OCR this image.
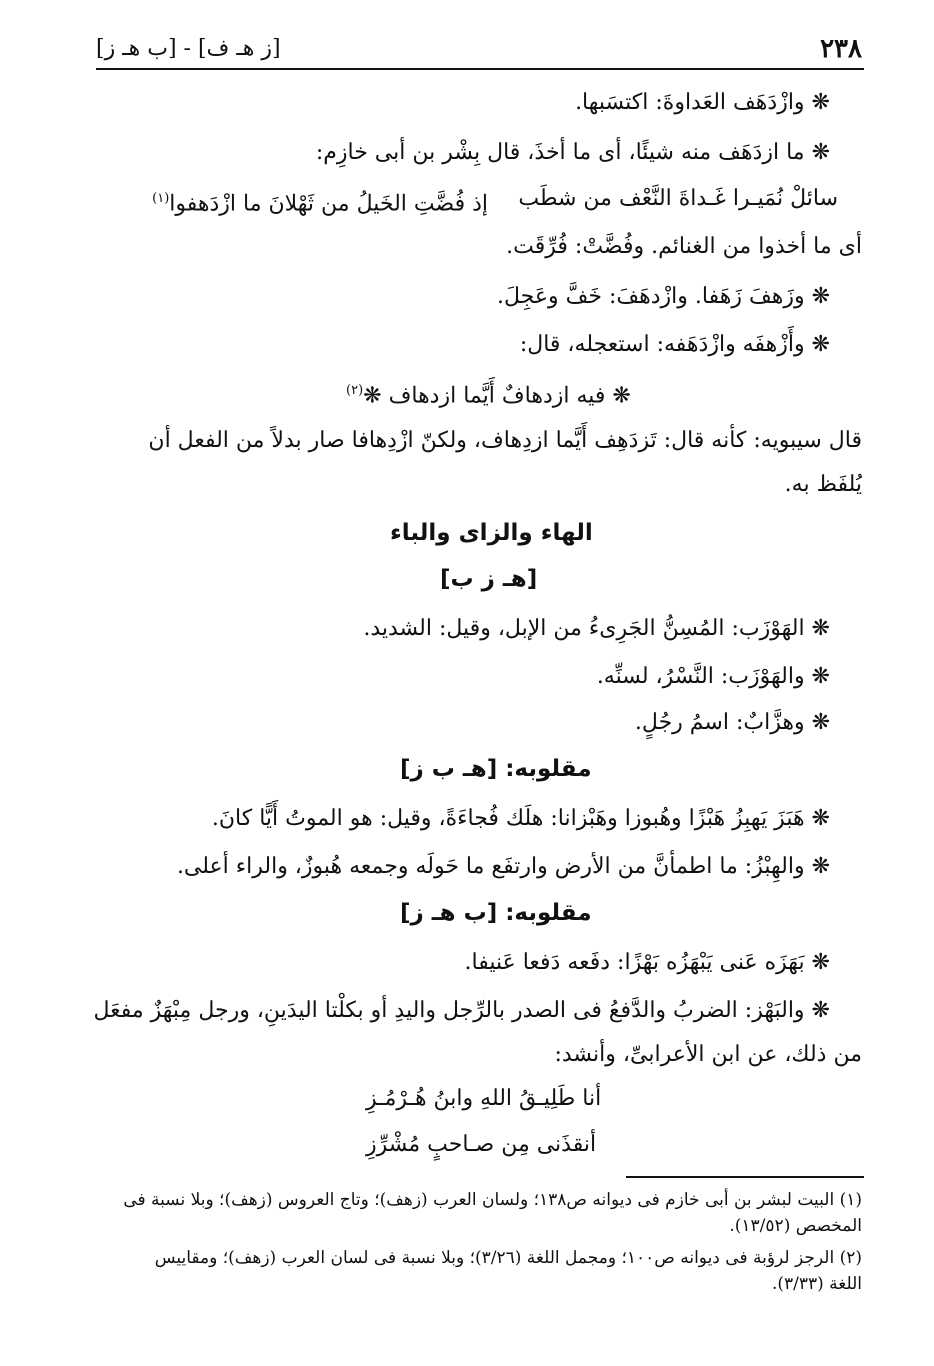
٢٣٨
[ز هـ ف] - [ب هـ ز]
❋ وازْدَهَف العَداوةَ: اكتسَبها.
❋ ما ازدَهَف منه شيئًا، أى ما أخذَ، قال بِشْر بن أبى خازِم:
سائلْ نُمَيـرا غَـداةَ النَّعْف من شطَب
إذ فُضَّتِ الخَيلُ من ثَهْلانَ ما ازْدَهفوا$^{(١)}$
أى ما أخذوا من الغنائم. وفُضَّتْ: فُرِّقَت.
❋ وزَهفَ زَهَفا. وازْدهَفَ: خَفَّ وعَجِلَ.
❋ وأَزْهفَه وازْدَهَفه: استعجله، قال:
❋ فيه ازدهافٌ أَيَّما ازدهاف ❋$^{(٢)}$
قال سيبويه: كأنه قال: تَزدَهِف أَيَّما ازدِهاف، ولكنّ ازْدِهافا صار بدلاً من الفعل أن
يُلفَظ به.
الهاء والزاى والباء
[هـ ز ب]
❋ الهَوْزَب: المُسِنُّ الجَرِىءُ من الإبل، وقيل: الشديد.
❋ والهَوْزَب: النَّسْرُ، لسنِّه.
❋ وهزَّابٌ: اسمُ رجُلٍ.
مقلوبه: [هـ ب ز]
❋ هَبَزَ يَهبِزُ هَبْزًا وهُبوزا وهَبْزانا: هلَك فُجاءَةً، وقيل: هو الموتُ أَيًّا كانَ.
❋ والهِبْزُ: ما اطمأنَّ من الأرض وارتفَع ما حَولَه وجمعه هُبوزٌ، والراء أعلى.
مقلوبه: [ب هـ ز]
❋ بَهَزَه عَنى يَبْهَزُه بَهْزًا: دفَعه دَفعا عَنيفا.
❋ والبَهْز: الضربُ والدَّفعُ فى الصدر بالرِّجل واليدِ أو بكلْتا اليدَينِ، ورجل مِبْهَزٌ مفعَل
من ذلك، عن ابن الأعرابىِّ، وأنشد:
أنا طَلِيـقُ اللهِ وابنُ هُـرْمُـزِ
أنقذَنى مِن صـاحبٍ مُشْرِّزِ
(١) البيت لبشر بن أبى خازم فى ديوانه ص١٣٨؛ ولسان العرب (زهف)؛ وتاج العروس (زهف)؛ وبلا نسبة فى
المخصص (١٣/٥٢).
(٢) الرجز لرؤبة فى ديوانه ص١٠٠؛ ومجمل اللغة (٣/٢٦)؛ وبلا نسبة فى لسان العرب (زهف)؛ ومقاييس
اللغة (٣/٣٣).
